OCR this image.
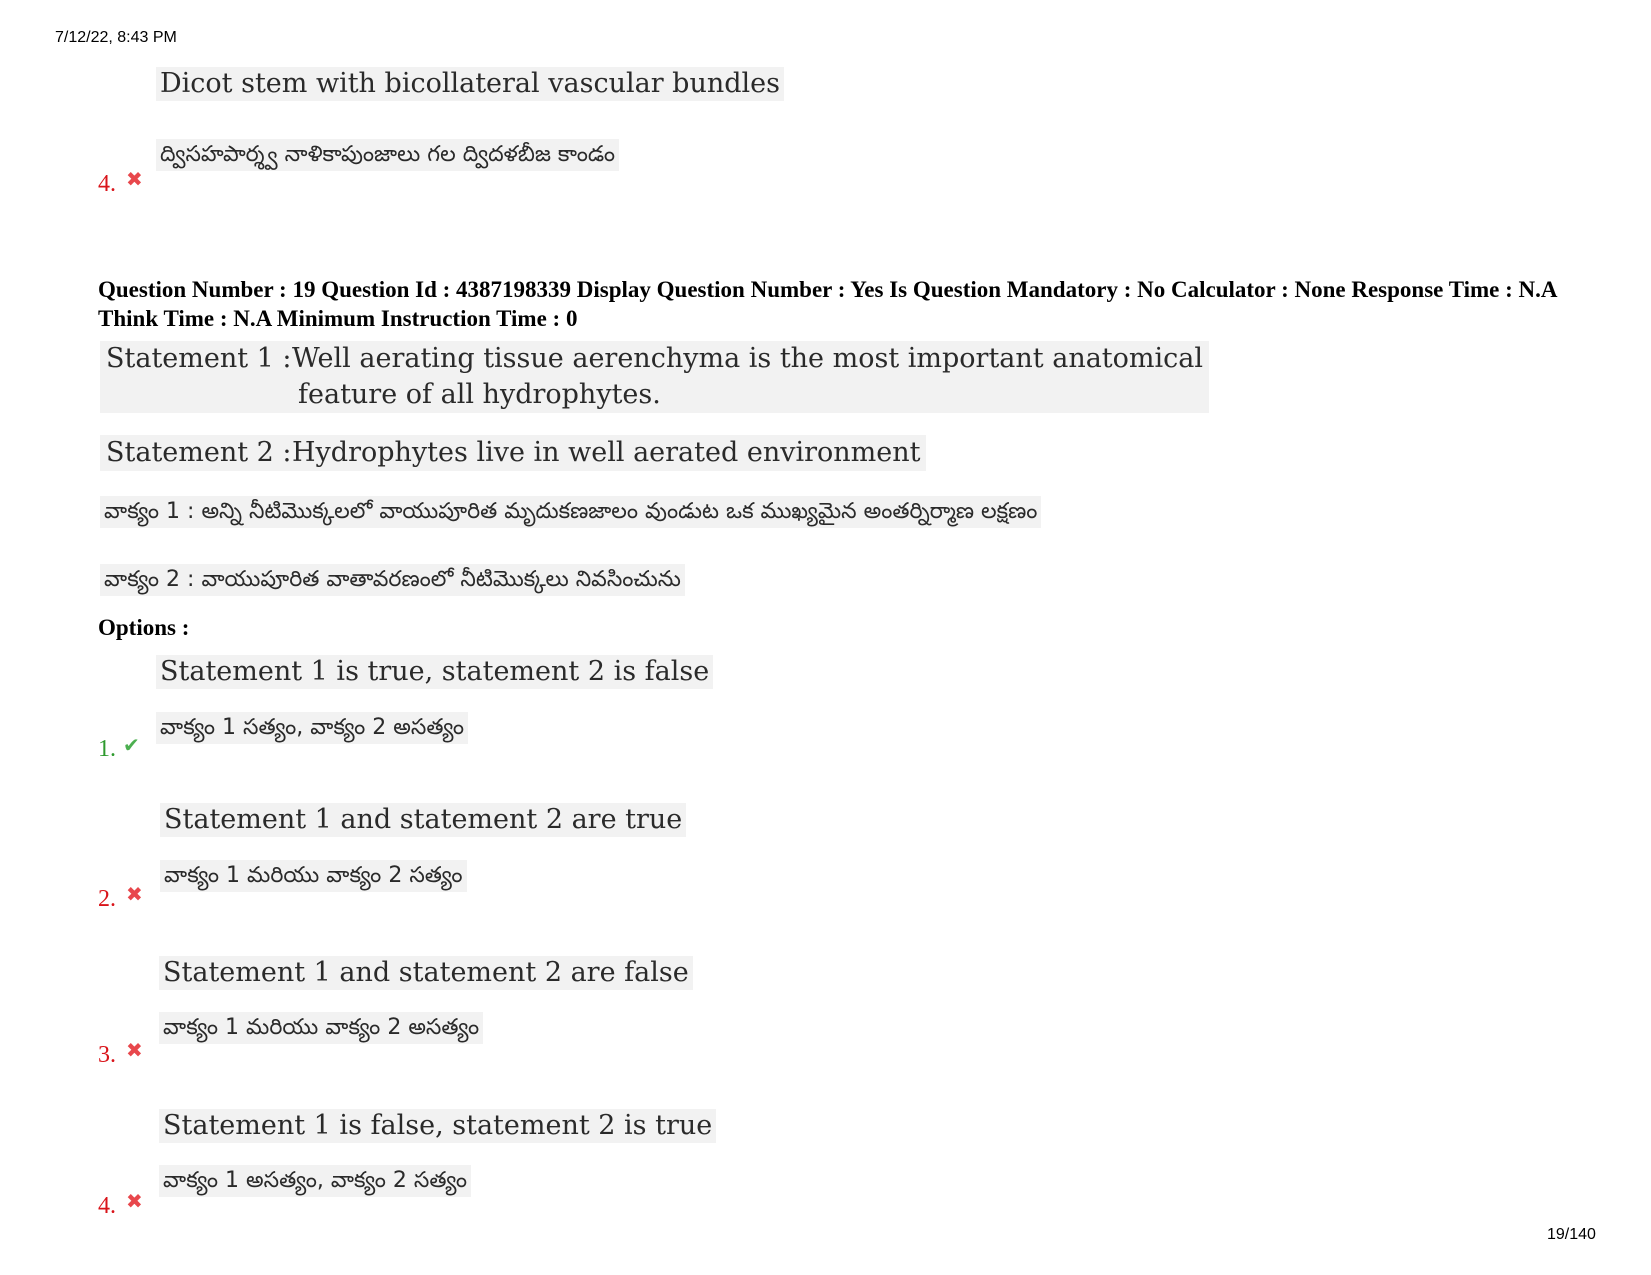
7/12/22, 8:43 PM
Dicot stem with bicollateral vascular bundles
ద్విసహపార్శ్వ నాళికాపుంజాలు గల ద్విదళబీజ కాండం
4. ✖
Question Number : 19 Question Id : 4387198339 Display Question Number : Yes Is Question Mandatory : No Calculator : None Response Time : N.A Think Time : N.A Minimum Instruction Time : 0
Statement 1 :Well aerating tissue aerenchyma is the most important anatomical
feature of all hydrophytes.
Statement 2 :Hydrophytes live in well aerated environment
వాక్యం 1 : అన్ని నీటిమొక్కలలో వాయుపూరిత మృదుకణజాలం వుండుట ఒక ముఖ్యమైన అంతర్నిర్మాణ లక్షణం
వాక్యం 2 : వాయుపూరిత వాతావరణంలో నీటిమొక్కలు నివసించును
Options :
Statement 1 is true, statement 2 is false
వాక్యం 1 సత్యం, వాక్యం 2 అసత్యం
1. ✔
Statement 1 and statement 2 are true
వాక్యం 1 మరియు వాక్యం 2 సత్యం
2. ✖
Statement 1 and statement 2 are false
వాక్యం 1 మరియు వాక్యం 2 అసత్యం
3. ✖
Statement 1 is false, statement 2 is true
వాక్యం 1 అసత్యం, వాక్యం 2 సత్యం
4. ✖
19/140
